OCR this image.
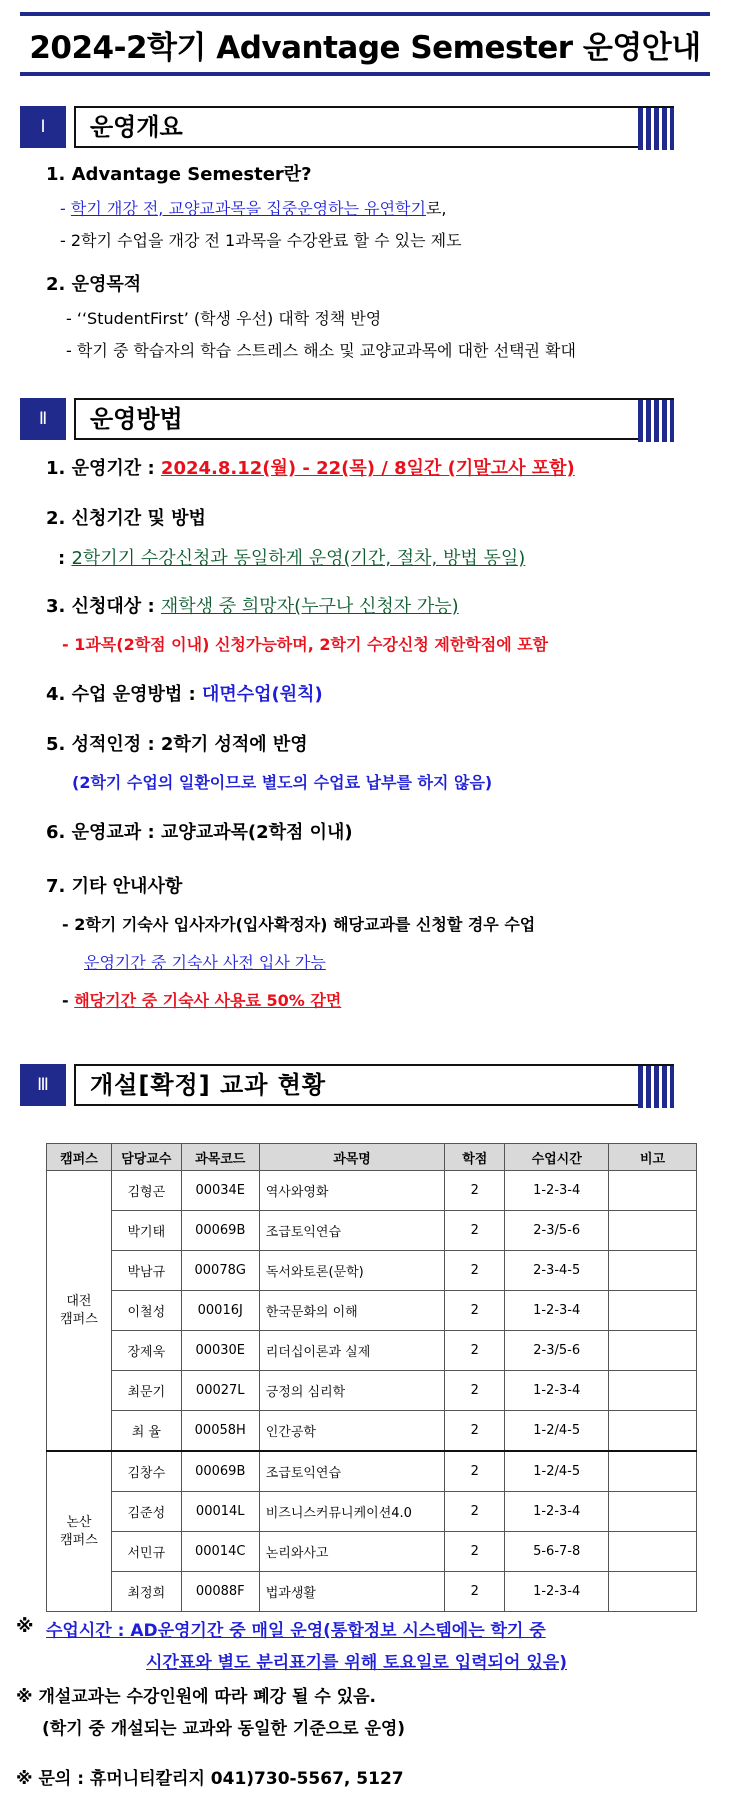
2024-2학기 Advantage Semester 운영안내
Ⅰ	운영개요
1. Advantage Semester란?
- 학기 개강 전, 교양교과목을 집중운영하는 유연학기로,
- 2학기 수업을 개강 전 1과목을 수강완료 할 수 있는 제도
2. 운영목적
- ‘‘StudentFirst’ (학생 우선) 대학 정책 반영
- 학기 중 학습자의 학습 스트레스 해소 및 교양교과목에 대한 선택권 확대
Ⅱ	운영방법
1. 운영기간 : 2024.8.12(월) - 22(목) / 8일간 (기말고사 포함)
2. 신청기간 및 방법
: 2학기기 수강신청과 동일하게 운영(기간, 절차, 방법 동일)
3. 신청대상 : 재학생 중 희망자(누구나 신청자 가능)
- 1과목(2학점 이내) 신청가능하며, 2학기 수강신청 제한학점에 포함
4. 수업 운영방법 : 대면수업(원칙)
5. 성적인정 : 2학기 성적에 반영
(2학기 수업의 일환이므로 별도의 수업료 납부를 하지 않음)
6. 운영교과 : 교양교과목(2학점 이내)
7. 기타 안내사항
- 2학기 기숙사 입사자가(입사확정자) 해당교과를 신청할 경우 수업
운영기간 중 기숙사 사전 입사 가능
- 해당기간 중 기숙사 사용료 50% 감면
Ⅲ	개설[확정] 교과 현황
캠퍼스	담당교수	과목코드	과목명	학점	수업시간	비고
대전
캠퍼스	김형곤	00034E	역사와영화	2	1-2-3-4	
	박기태	00069B	조급토익연습	2	2-3/5-6	
	박남규	00078G	독서와토론(문학)	2	2-3-4-5	
	이철성	00016J	한국문화의 이해	2	1-2-3-4	
	장제욱	00030E	리더십이론과 실제	2	2-3/5-6	
	최문기	00027L	긍정의 심리학	2	1-2-3-4	
	최 율	00058H	인간공학	2	1-2/4-5	
논산
캠퍼스	김창수	00069B	조급토익연습	2	1-2/4-5	
	김준성	00014L	비즈니스커뮤니케이션4.0	2	1-2-3-4	
	서민규	00014C	논리와사고	2	5-6-7-8	
	최정희	00088F	법과생활	2	1-2-3-4	
※ 수업시간 : AD운영기간 중 매일 운영(통합정보 시스템에는 학기 중
시간표와 별도 분리표기를 위해 토요일로 입력되어 있음)
※ 개설교과는 수강인원에 따라 폐강 될 수 있음.
(학기 중 개설되는 교과와 동일한 기준으로 운영)
※ 문의 : 휴머니티칼리지 041)730-5567, 5127
